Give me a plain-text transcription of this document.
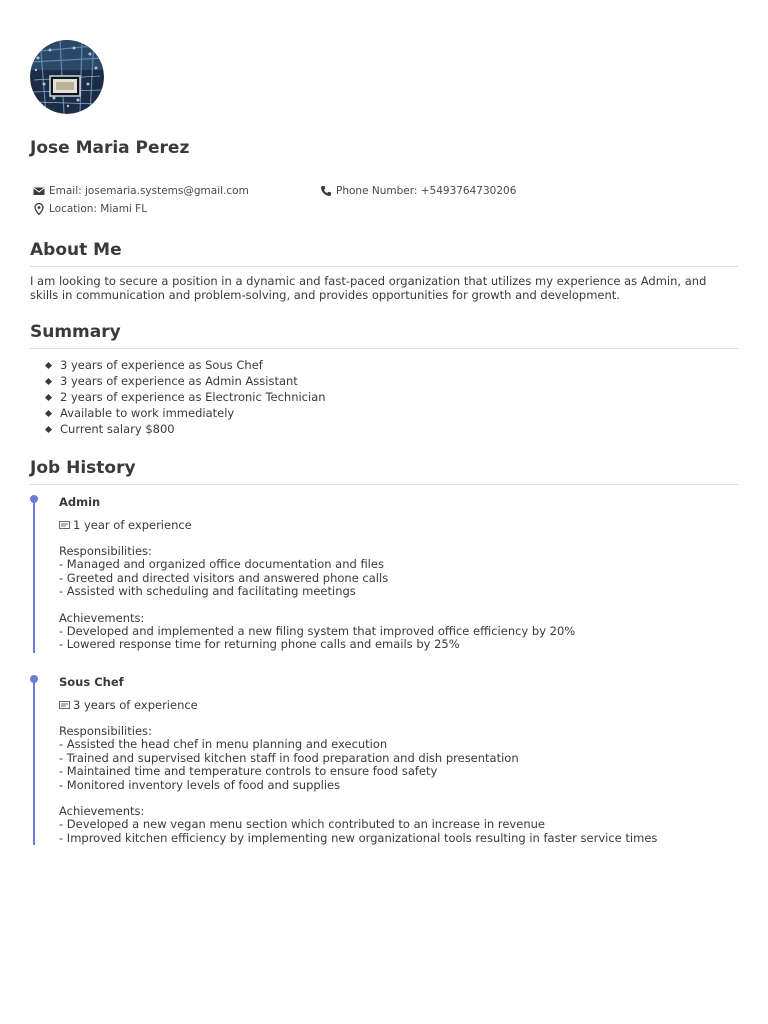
Jose Maria Perez
Email: josemaria.systems@gmail.com	Phone Number: +5493764730206
Location: Miami FL
About Me
I am looking to secure a position in a dynamic and fast-paced organization that utilizes my experience as Admin, and
skills in communication and problem-solving, and provides opportunities for growth and development.
Summary
3 years of experience as Sous Chef
3 years of experience as Admin Assistant
2 years of experience as Electronic Technician
Available to work immediately
Current salary $800
Job History
Admin
1 year of experience
Responsibilities:
- Managed and organized office documentation and files
- Greeted and directed visitors and answered phone calls
- Assisted with scheduling and facilitating meetings
Achievements:
- Developed and implemented a new filing system that improved office efficiency by 20%
- Lowered response time for returning phone calls and emails by 25%
Sous Chef
3 years of experience
Responsibilities:
- Assisted the head chef in menu planning and execution
- Trained and supervised kitchen staff in food preparation and dish presentation
- Maintained time and temperature controls to ensure food safety
- Monitored inventory levels of food and supplies
Achievements:
- Developed a new vegan menu section which contributed to an increase in revenue
- Improved kitchen efficiency by implementing new organizational tools resulting in faster service times
